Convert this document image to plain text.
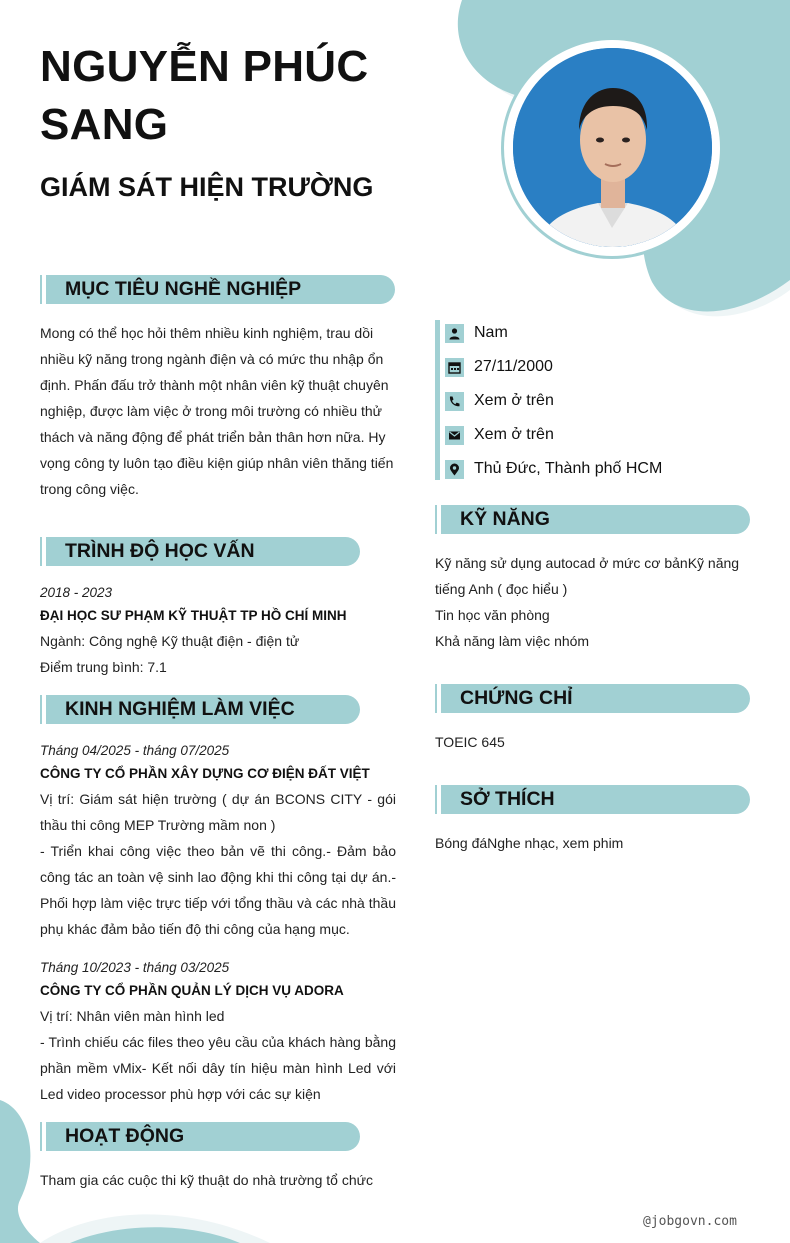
NGUYỄN PHÚC SANG
GIÁM SÁT HIỆN TRƯỜNG
MỤC TIÊU NGHỀ NGHIỆP
Mong có thể học hỏi thêm nhiều kinh nghiệm, trau dồi nhiều kỹ năng trong ngành điện và có mức thu nhập ổn định. Phấn đấu trở thành một nhân viên kỹ thuật chuyên nghiệp, được làm việc ở trong môi trường có nhiều thử thách và năng động để phát triển bản thân hơn nữa. Hy vọng công ty luôn tạo điều kiện giúp nhân viên thăng tiến trong công việc.
TRÌNH ĐỘ HỌC VẤN
2018 - 2023
ĐẠI HỌC SƯ PHẠM KỸ THUẬT TP HỒ CHÍ MINH
Ngành: Công nghệ Kỹ thuật điện - điện tử
Điểm trung bình: 7.1
KINH NGHIỆM LÀM VIỆC
Tháng 04/2025 - tháng 07/2025
CÔNG TY CỔ PHẦN XÂY DỰNG CƠ ĐIỆN ĐẤT VIỆT
Vị trí: Giám sát hiện trường ( dự án BCONS CITY - gói thầu thi công MEP Trường mầm non )
- Triển khai công việc theo bản vẽ thi công.- Đảm bảo công tác an toàn vệ sinh lao động khi thi công tại dự án.- Phối hợp làm việc trực tiếp với tổng thầu và các nhà thầu phụ khác đảm bảo tiến độ thi công của hạng mục.
Tháng 10/2023 - tháng 03/2025
CÔNG TY CỔ PHẦN QUẢN LÝ DỊCH VỤ ADORA
Vị trí: Nhân viên màn hình led
- Trình chiếu các files theo yêu cầu của khách hàng bằng phần mềm vMix- Kết nối dây tín hiệu màn hình Led với Led video processor phù hợp với các sự kiện
HOẠT ĐỘNG
Tham gia các cuộc thi kỹ thuật do nhà trường tổ chức
Nam
27/11/2000
Xem ở trên
Xem ở trên
Thủ Đức, Thành phố HCM
KỸ NĂNG
Kỹ năng sử dụng autocad ở mức cơ bảnKỹ năng tiếng Anh ( đọc hiểu )
Tin học văn phòng
Khả năng làm việc nhóm
CHỨNG CHỈ
TOEIC 645
SỞ THÍCH
Bóng đáNghe nhạc, xem phim
@jobgovn.com
